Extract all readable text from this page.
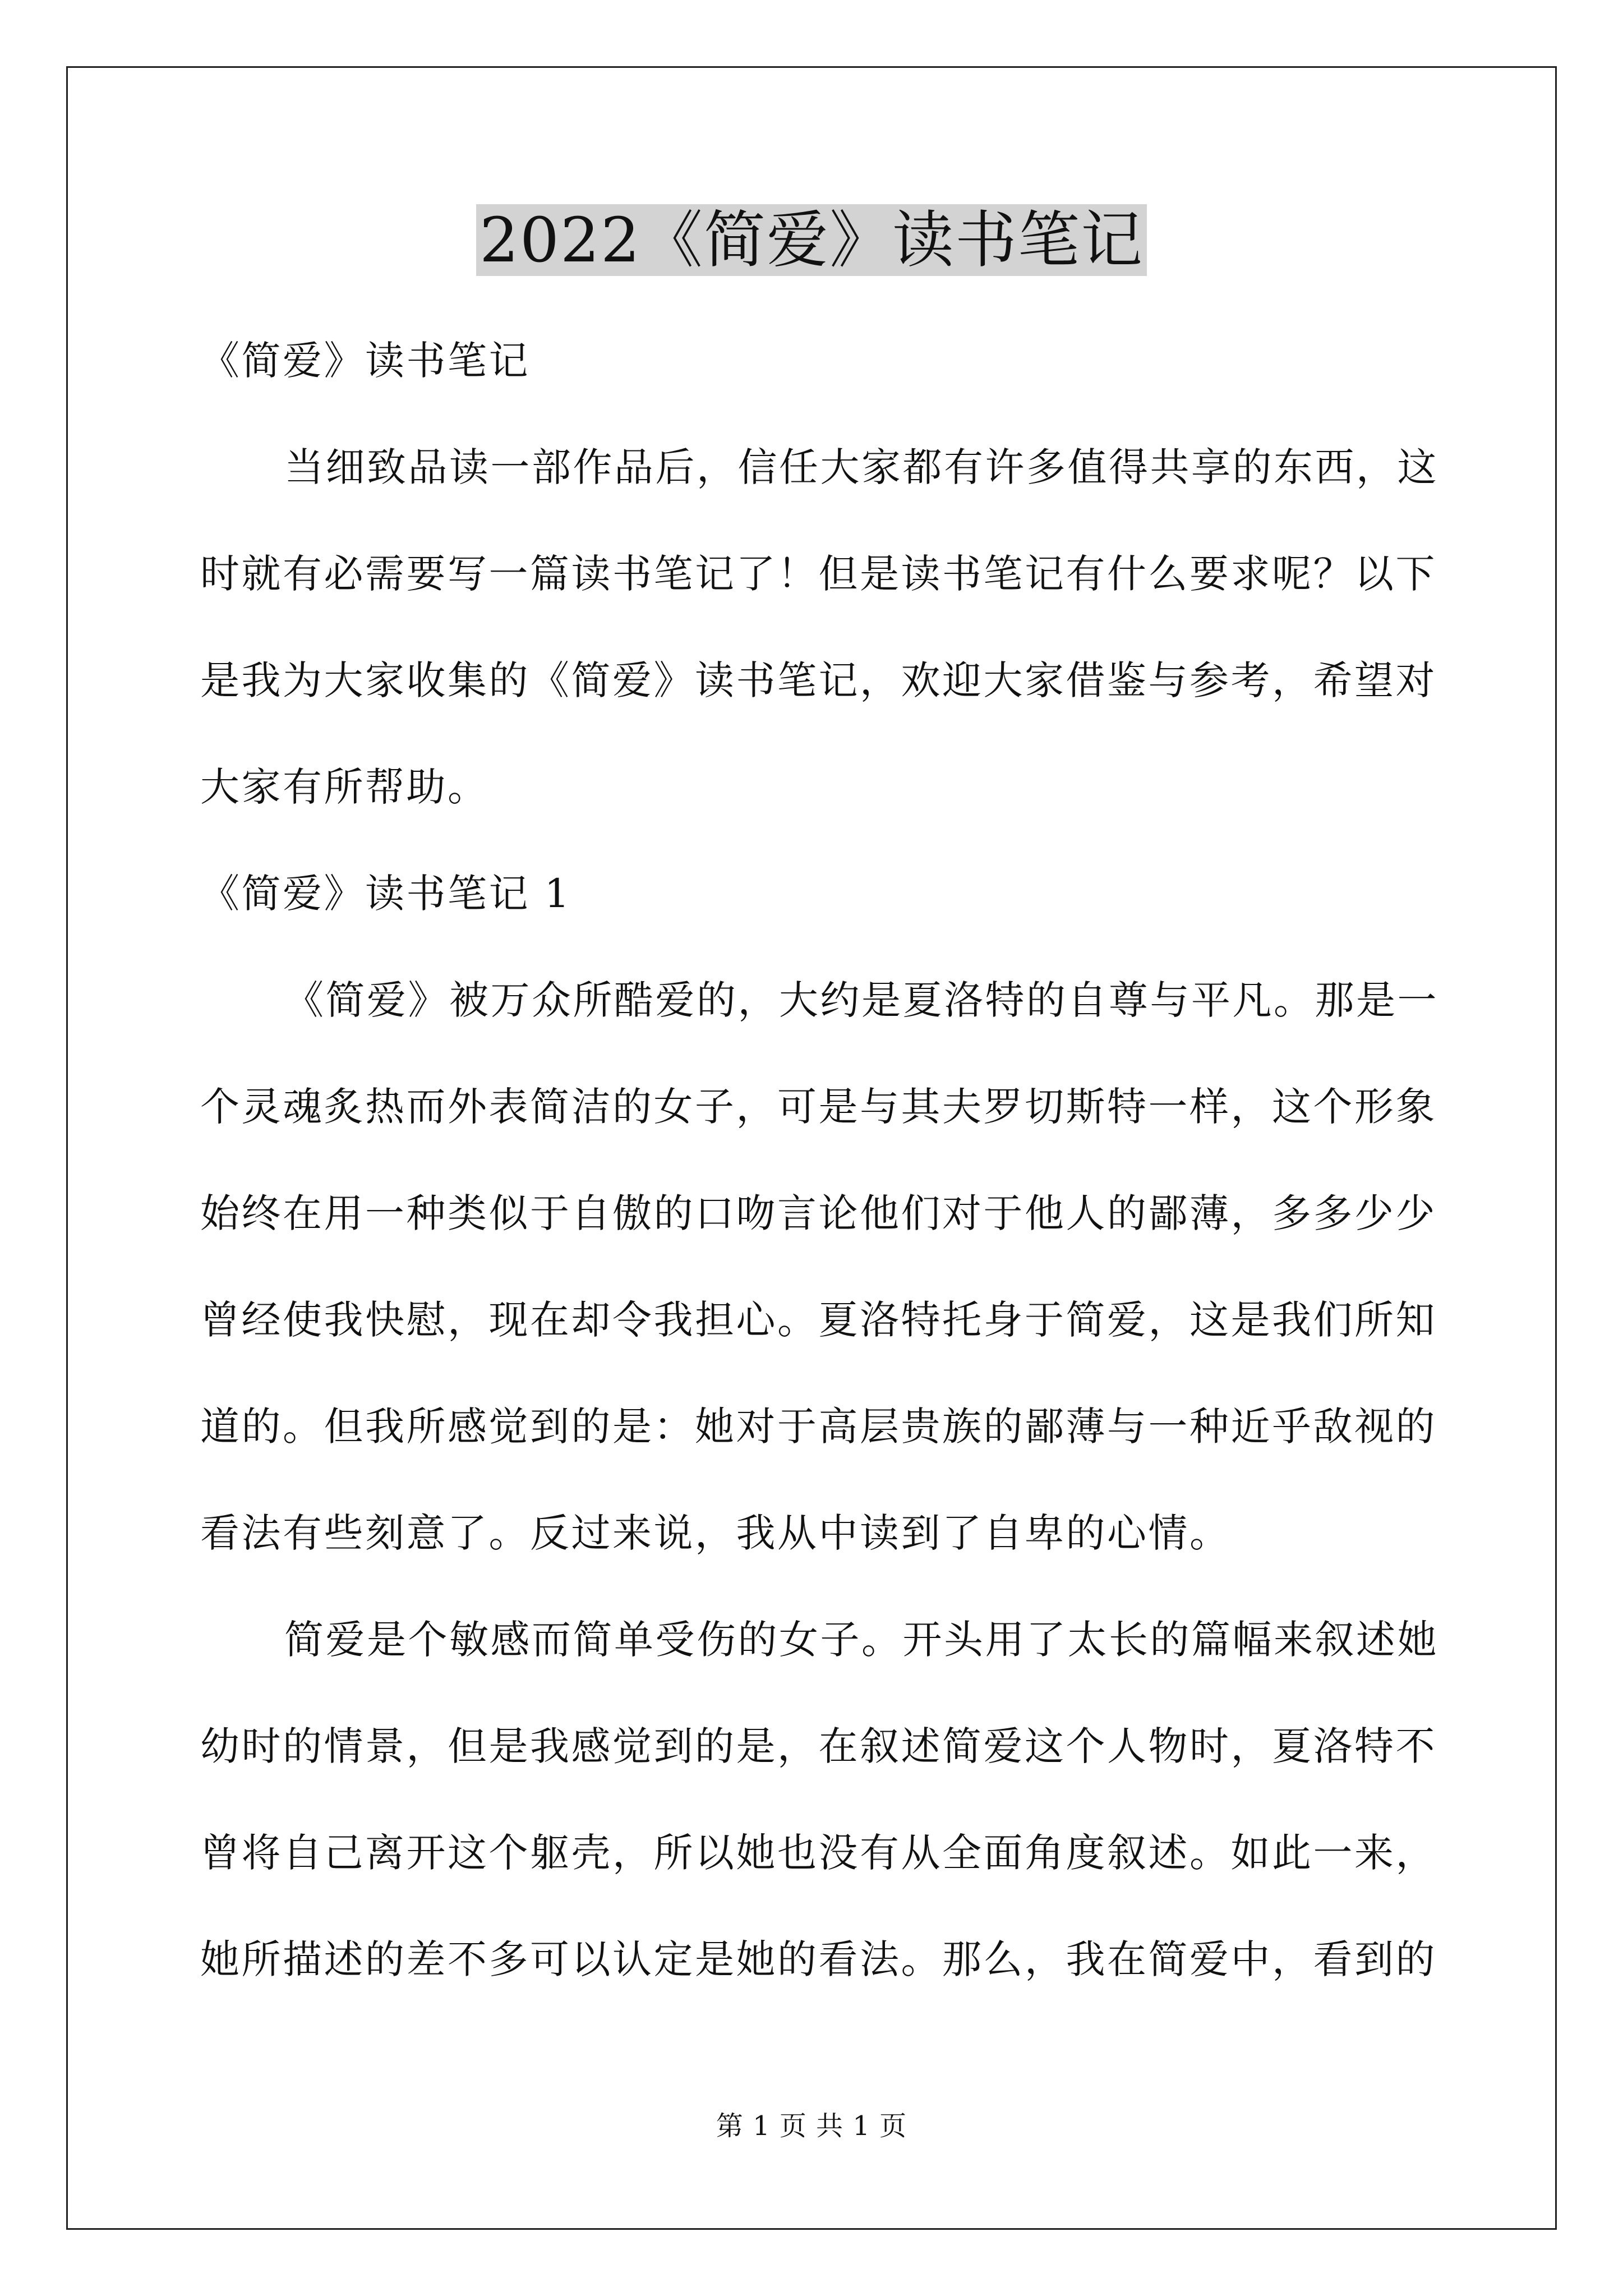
2022《简爱》读书笔记
《简爱》读书笔记
当细致品读一部作品后，信任大家都有许多值得共享的东西，这
时就有必需要写一篇读书笔记了！但是读书笔记有什么要求呢？以下
是我为大家收集的《简爱》读书笔记，欢迎大家借鉴与参考，希望对
大家有所帮助。
《简爱》读书笔记 1
《简爱》被万众所酷爱的，大约是夏洛特的自尊与平凡。那是一
个灵魂炙热而外表简洁的女子，可是与其夫罗切斯特一样，这个形象
始终在用一种类似于自傲的口吻言论他们对于他人的鄙薄，多多少少
曾经使我快慰，现在却令我担心。夏洛特托身于简爱，这是我们所知
道的。但我所感觉到的是：她对于高层贵族的鄙薄与一种近乎敌视的
看法有些刻意了。反过来说，我从中读到了自卑的心情。
简爱是个敏感而简单受伤的女子。开头用了太长的篇幅来叙述她
幼时的情景，但是我感觉到的是，在叙述简爱这个人物时，夏洛特不
曾将自己离开这个躯壳，所以她也没有从全面角度叙述。如此一来，
她所描述的差不多可以认定是她的看法。那么，我在简爱中，看到的
第 1 页 共 1 页
